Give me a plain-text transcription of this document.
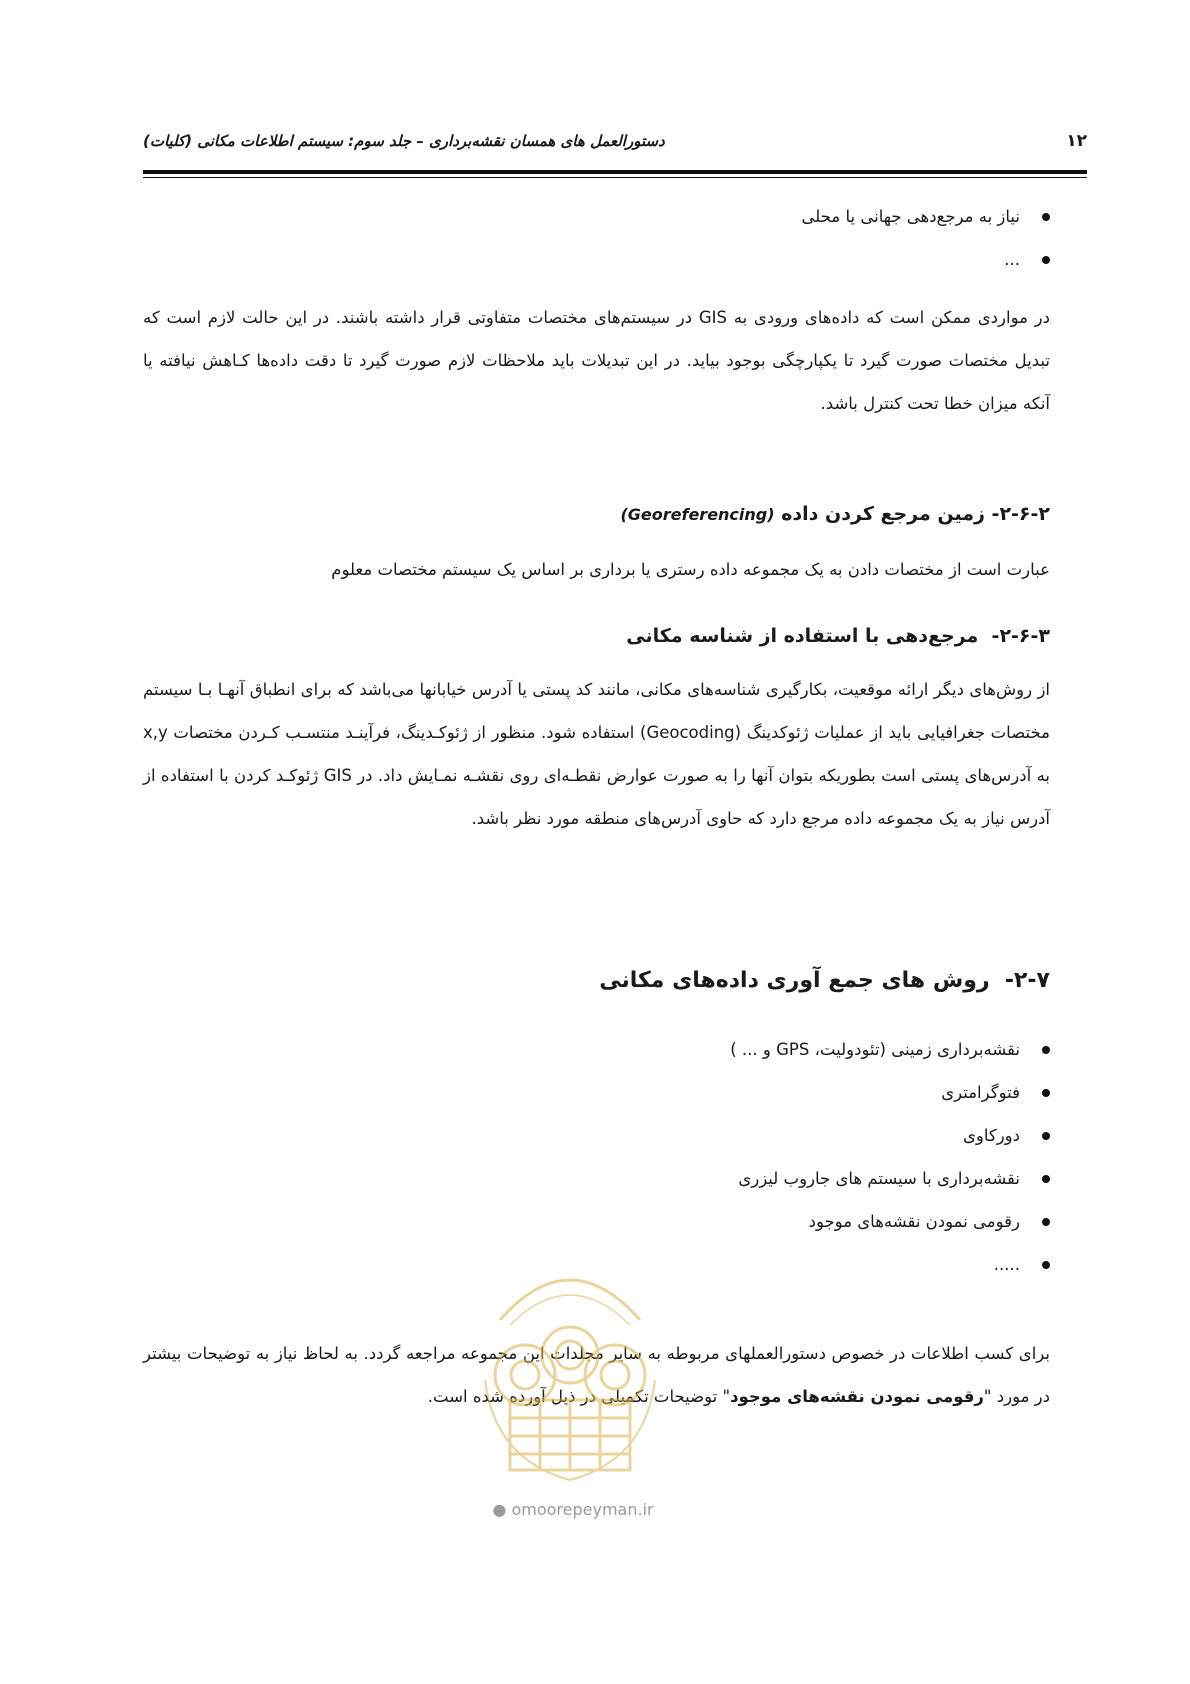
۱۲
دستورالعمل های همسان نقشه‌برداری – جلد سوم: سیستم اطلاعات مکانی (کلیات)
نیاز به مرجع‌دهی جهانی یا محلی
...
در مواردی ممکن است که داده‌های ورودی به GIS در سیستم‌های مختصات متفاوتی قرار داشته باشند. در این حالت لازم است که تبدیل مختصات صورت گیرد تا یکپارچگی بوجود بیاید. در این تبدیلات باید ملاحظات لازم صورت گیرد تا دقت داده‌ها کـاهش نیافته یا آنکه میزان خطا تحت کنترل باشد.
۲-۶-۲- زمین مرجع کردن داده (Georeferencing)
عبارت است از مختصات دادن به یک مجموعه داده رستری یا برداری بر اساس یک سیستم مختصات معلوم
۲-۶-۳-  مرجع‌دهی با استفاده از شناسه مکانی
از روش‌های دیگر ارائه موقعیت، بکارگیری شناسه‌های مکانی، مانند کد پستی یا آدرس خیابانها می‌باشد که برای انطباق آنهـا بـا سیستم مختصات جغرافیایی باید از عملیات ژئوکدینگ (Geocoding) استفاده شود. منظور از ژئوکـدینگ، فرآینـد منتسـب کـردن مختصات x,y به آدرس‌های پستی است بطوریکه بتوان آنها را به صورت عوارض نقطـه‌ای روی نقشـه نمـایش داد. در GIS ژئوکـد کردن با استفاده از آدرس نیاز به یک مجموعه داده مرجع دارد که حاوی آدرس‌های منطقه مورد نظر باشد.
۲-۷-  روش های جمع آوری داده‌های مکانی
نقشه‌برداری زمینی (تئودولیت، GPS و ... )
فتوگرامتری
دورکاوی
نقشه‌برداری با سیستم های جاروب لیزری
رقومی نمودن نقشه‌های موجود
.....
برای کسب اطلاعات در خصوص دستورالعملهای مربوطه به سایر مجلدات این مجموعه مراجعه گردد. به لحاظ نیاز به توضیحات بیشتر در مورد "رقومی نمودن نقشه‌های موجود" توضیحات تکمیلی در ذیل آورده شده است.
● omoorepeyman.ir
